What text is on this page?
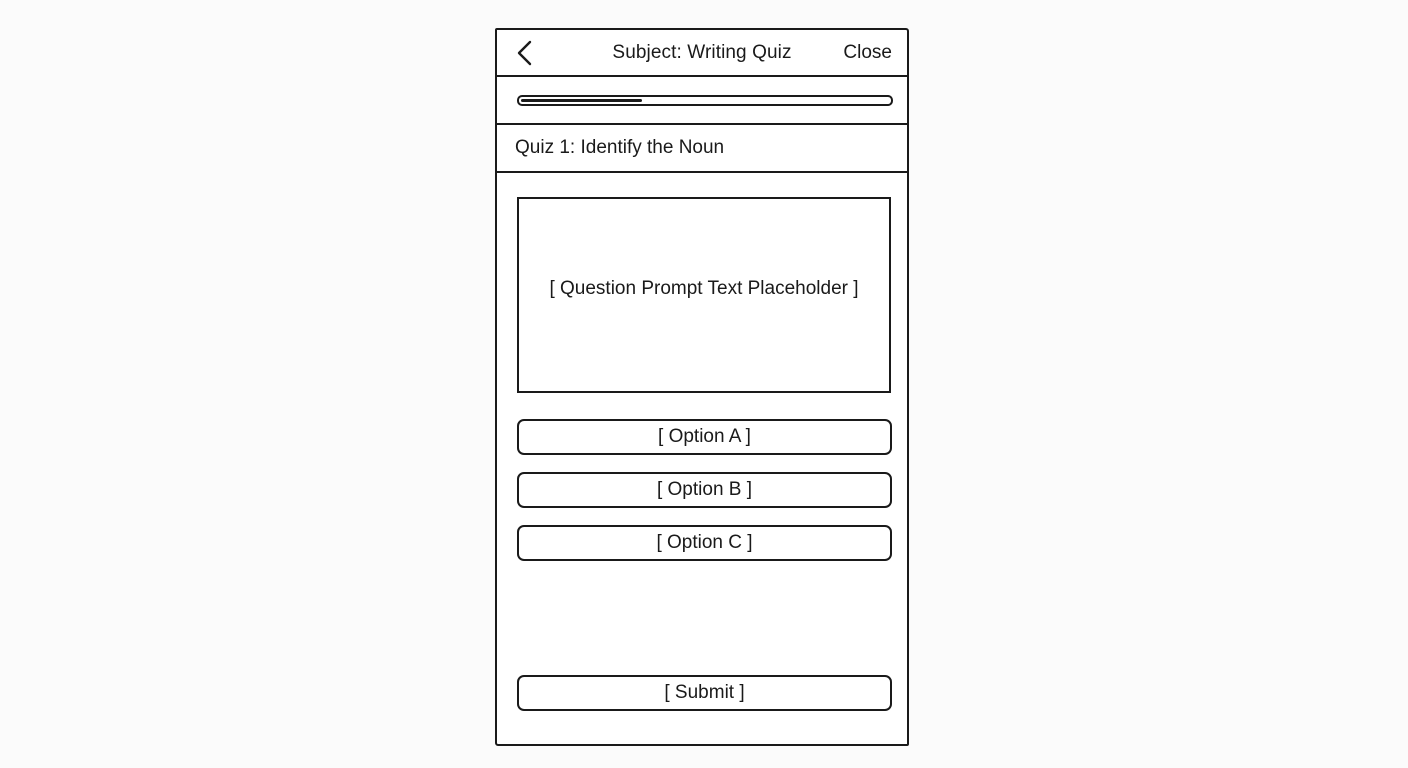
Subject: Writing Quiz	Close
Quiz 1: Identify the Noun
[ Question Prompt Text Placeholder ]
[ Option A ]
[ Option B ]
[ Option C ]
[ Submit ]
